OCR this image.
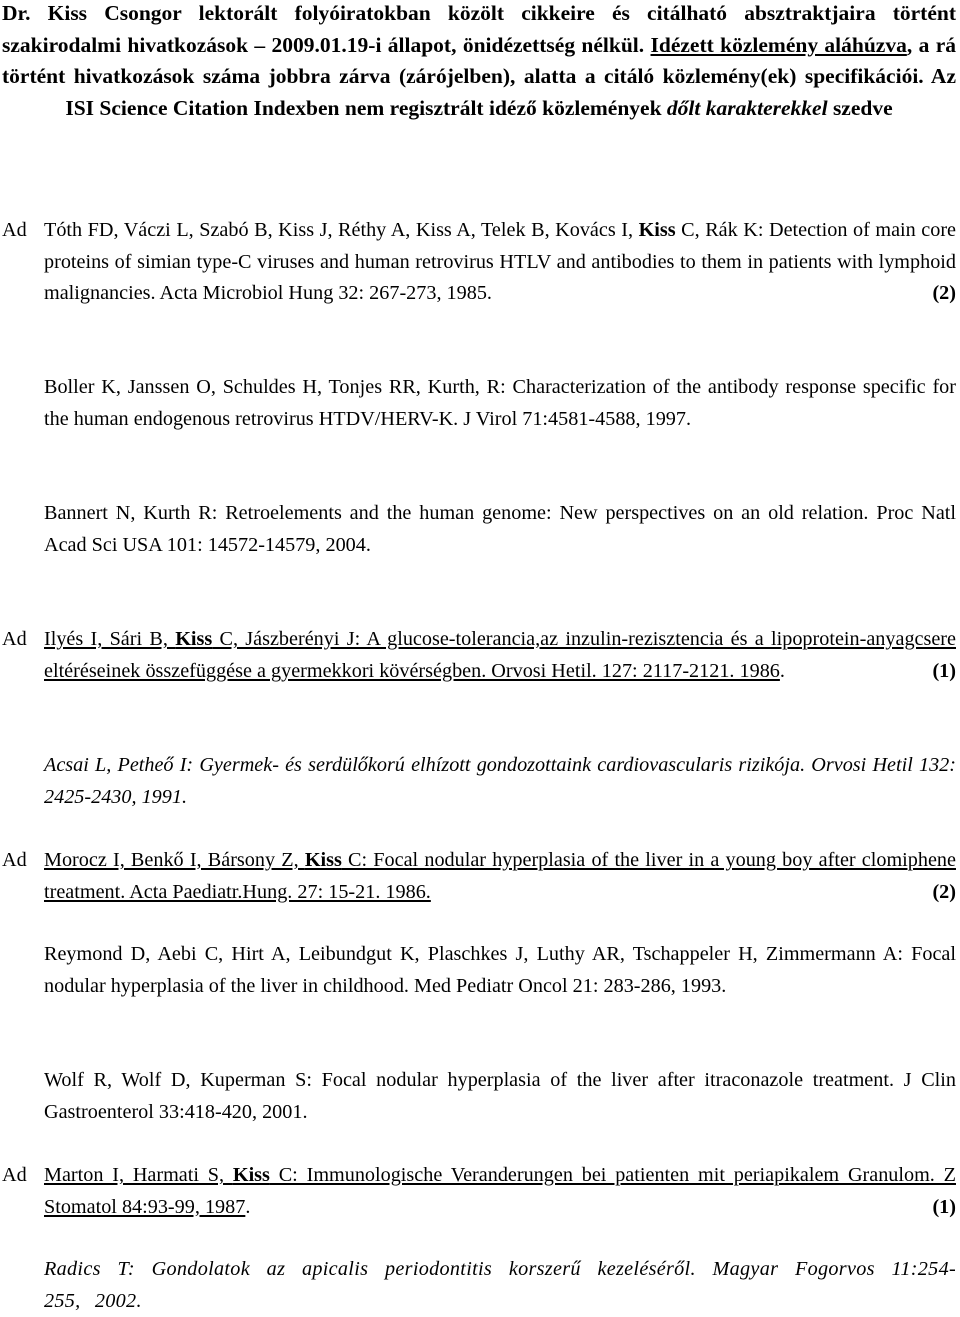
Dr. Kiss Csongor lektorált folyóiratokban közölt cikkeire és citálható absztraktjaira történt szakirodalmi hivatkozások – 2009.01.19-i állapot, önidézettség nélkül. Idézett közlemény aláhúzva, a rá történt hivatkozások száma jobbra zárva (zárójelben), alatta a citáló közlemény(ek) specifikációi. Az ISI Science Citation Indexben nem regisztrált idéző közlemények dőlt karakterekkel szedve
Ad Tóth FD, Váczi L, Szabó B, Kiss J, Réthy A, Kiss A, Telek B, Kovács I, Kiss C, Rák K: Detection of main core proteins of simian type-C viruses and human retrovirus HTLV and antibodies to them in patients with lymphoid malignancies. Acta Microbiol Hung 32: 267-273, 1985.	(2)
Boller K, Janssen O, Schuldes H, Tonjes RR, Kurth, R: Characterization of the antibody response specific for the human endogenous retrovirus HTDV/HERV-K. J Virol 71:4581-4588, 1997.
Bannert N, Kurth R: Retroelements and the human genome: New perspectives on an old relation. Proc Natl Acad Sci USA 101: 14572-14579, 2004.
Ad Ilyés I, Sári B, Kiss C, Jászberényi J: A glucose-tolerancia,az inzulin-rezisztencia és a lipoprotein-anyagcsere eltéréseinek összefüggése a gyermekkori kövérségben. Orvosi Hetil. 127: 2117-2121. 1986.	(1)
Acsai L, Petheő I: Gyermek- és serdülőkorú elhízott gondozottaink cardiovascularis rizikója. Orvosi Hetil 132: 2425-2430, 1991.
Ad Morocz I, Benkő I, Bársony Z, Kiss C: Focal nodular hyperplasia of the liver in a young boy after clomiphene treatment. Acta Paediatr.Hung. 27: 15-21. 1986.	(2)
Reymond D, Aebi C, Hirt A, Leibundgut K, Plaschkes J, Luthy AR, Tschappeler H, Zimmermann A: Focal nodular hyperplasia of the liver in childhood. Med Pediatr Oncol 21: 283-286, 1993.
Wolf R, Wolf D, Kuperman S: Focal nodular hyperplasia of the liver after itraconazole treatment. J Clin Gastroenterol 33:418-420, 2001.
Ad Marton I, Harmati S, Kiss C: Immunologische Veranderungen bei patienten mit periapikalem Granulom. Z Stomatol 84:93-99, 1987.	(1)
Radics T: Gondolatok az apicalis periodontitis korszerű kezeléséről. Magyar Fogorvos 11:254-255, 2002.
